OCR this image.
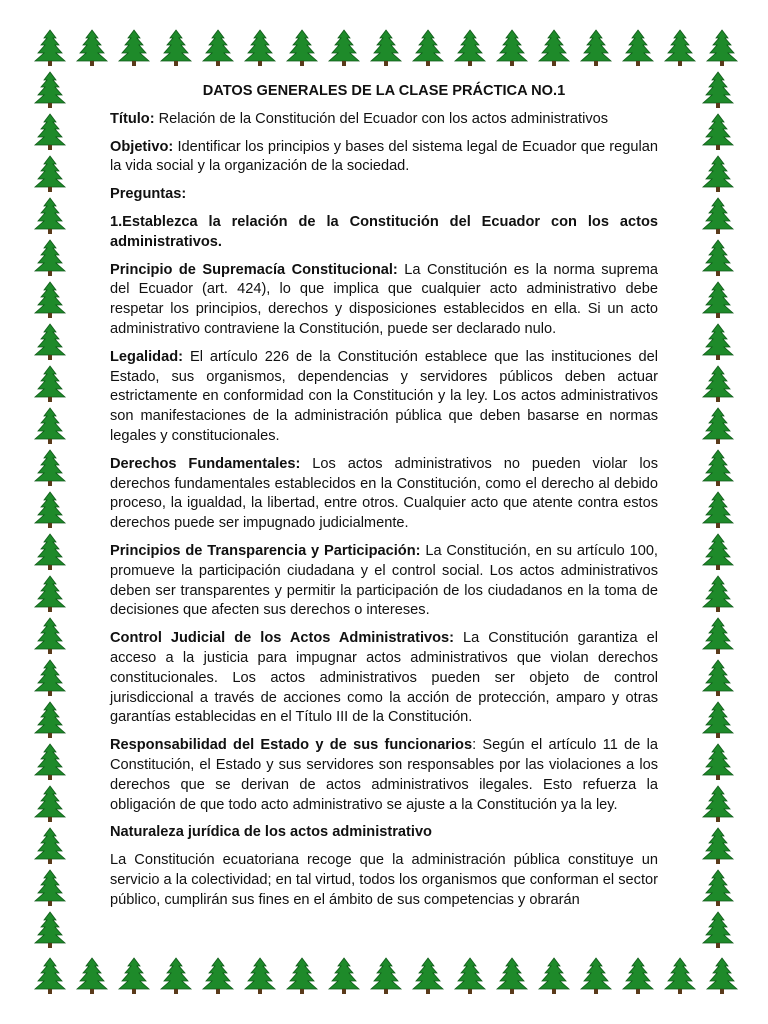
DATOS GENERALES DE LA CLASE PRÁCTICA NO.1

Título: Relación de la Constitución del Ecuador con los actos administrativos

Objetivo: Identificar los principios y bases del sistema legal de Ecuador que regulan la vida social y la organización de la sociedad.

Preguntas:

1.Establezca la relación de la Constitución del Ecuador con los actos administrativos.

Principio de Supremacía Constitucional: La Constitución es la norma suprema del Ecuador (art. 424), lo que implica que cualquier acto administrativo debe respetar los principios, derechos y disposiciones establecidos en ella. Si un acto administrativo contraviene la Constitución, puede ser declarado nulo.

Legalidad: El artículo 226 de la Constitución establece que las instituciones del Estado, sus organismos, dependencias y servidores públicos deben actuar estrictamente en conformidad con la Constitución y la ley. Los actos administrativos son manifestaciones de la administración pública que deben basarse en normas legales y constitucionales.

Derechos Fundamentales: Los actos administrativos no pueden violar los derechos fundamentales establecidos en la Constitución, como el derecho al debido proceso, la igualdad, la libertad, entre otros. Cualquier acto que atente contra estos derechos puede ser impugnado judicialmente.

Principios de Transparencia y Participación: La Constitución, en su artículo 100, promueve la participación ciudadana y el control social. Los actos administrativos deben ser transparentes y permitir la participación de los ciudadanos en la toma de decisiones que afecten sus derechos o intereses.

Control Judicial de los Actos Administrativos: La Constitución garantiza el acceso a la justicia para impugnar actos administrativos que violan derechos constitucionales. Los actos administrativos pueden ser objeto de control jurisdiccional a través de acciones como la acción de protección, amparo y otras garantías establecidas en el Título III de la Constitución.

Responsabilidad del Estado y de sus funcionarios: Según el artículo 11 de la Constitución, el Estado y sus servidores son responsables por las violaciones a los derechos que se derivan de actos administrativos ilegales. Esto refuerza la obligación de que todo acto administrativo se ajuste a la Constitución ya la ley.

Naturaleza jurídica de los actos administrativo

La Constitución ecuatoriana recoge que la administración pública constituye un servicio a la colectividad; en tal virtud, todos los organismos que conforman el sector público, cumplirán sus fines en el ámbito de sus competencias y obrarán
